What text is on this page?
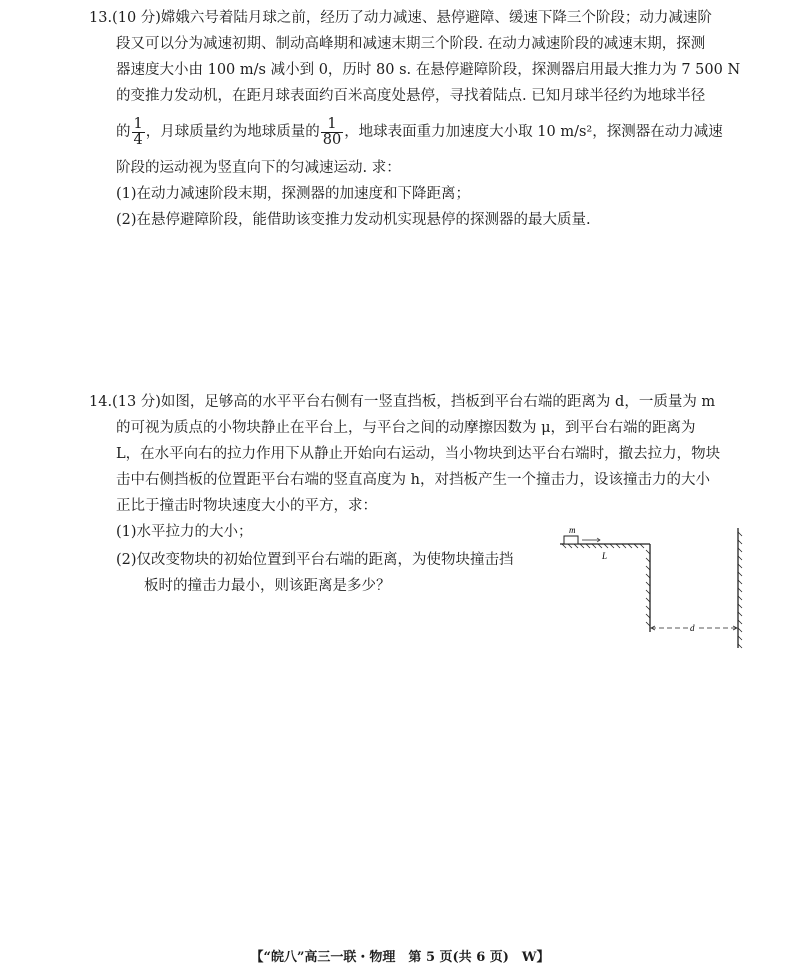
13.(10 分)嫦娥六号着陆月球之前，经历了动力减速、悬停避障、缓速下降三个阶段；动力减速阶
段又可以分为减速初期、制动高峰期和减速末期三个阶段. 在动力减速阶段的减速末期，探测
器速度大小由 100 m/s 减小到 0，历时 80 s. 在悬停避障阶段，探测器启用最大推力为 7 500 N
的变推力发动机，在距月球表面约百米高度处悬停，寻找着陆点. 已知月球半径约为地球半径
的 $\frac{1}{4}$ ，月球质量约为地球质量的 $\frac{1}{80}$ ，地球表面重力加速度大小取 10 m/s²，探测器在动力减速
阶段的运动视为竖直向下的匀减速运动. 求：
(1)在动力减速阶段末期，探测器的加速度和下降距离；
(2)在悬停避障阶段，能借助该变推力发动机实现悬停的探测器的最大质量.
14.(13 分)如图，足够高的水平平台右侧有一竖直挡板，挡板到平台右端的距离为 d，一质量为 m
的可视为质点的小物块静止在平台上，与平台之间的动摩擦因数为 μ，到平台右端的距离为
L，在水平向右的拉力作用下从静止开始向右运动，当小物块到达平台右端时，撤去拉力，物块
击中右侧挡板的位置距平台右端的竖直高度为 h，对挡板产生一个撞击力，设该撞击力的大小
正比于撞击时物块速度大小的平方，求：
(1)水平拉力的大小；
(2)仅改变物块的初始位置到平台右端的距离，为使物块撞击挡
板时的撞击力最小，则该距离是多少？
m
L
d
【“皖八”高三一联・物理　第 5 页(共 6 页)　W】
